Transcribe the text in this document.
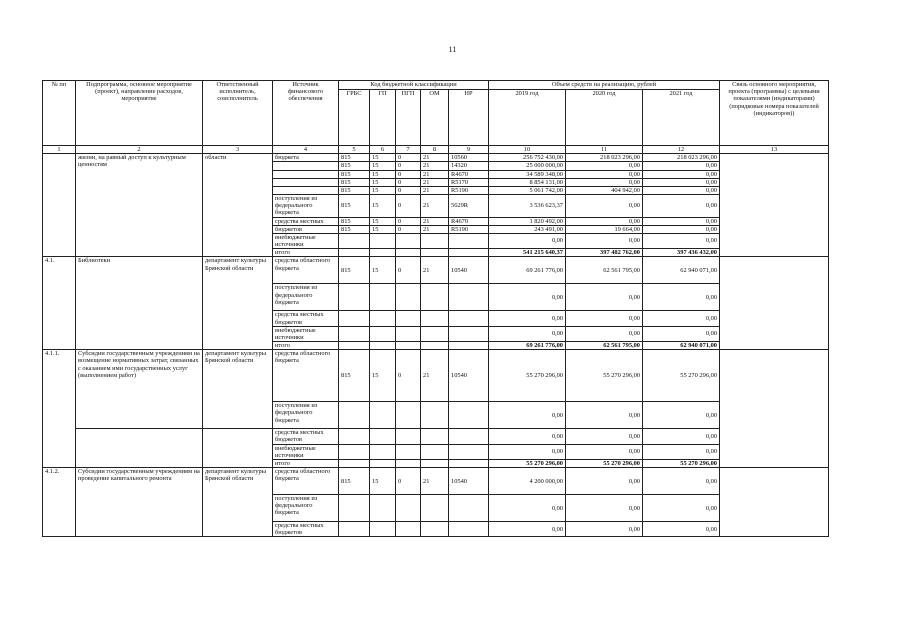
11
№ пп	Подпрограмма, основное мероприятие (проект), направление расходов, мероприятие	Ответственный исполнитель, соисполнитель	Источник финансового обеспечения	Код бюджетной классификации					Объем средств на реализацию, рублей			Связь основного мероприятия, проекта (программы) с целевыми показателями (индикаторами) (порядковые номера показателей (индикаторов))
				ГРБС	ГП	ПГП	ОМ	НР	2019 год	2020 год	2021 год	
1	2	3	4	5	6	7	8	9	10	11	12	13
	жизни, на равный доступ к культурным ценностям	области	бюджета	815	15	0	21	10560	256 752 430,00	218 023 296,00	218 023 296,00	
				815	15	0	21	14320	25 000 000,00	0,00	0,00	
				815	15	0	21	R4670	34 589 348,00	0,00	0,00	
				815	15	0	21	R5170	8 854 131,00	0,00	0,00	
				815	15	0	21	R5190	5 061 742,00	404 942,00	0,00	
			поступления из федерального бюджета	815	15	0	21	5629R	3 536 623,37	0,00	0,00	
			средства местных	815	15	0	21	R4670	1 820 492,00	0,00	0,00	
			бюджетов	815	15	0	21	R5190	243 491,00	19 664,00	0,00	
			внебюджетные источники						0,00	0,00	0,00	
			итого						541 215 640,37	397 482 762,00	397 436 432,00	

4.1.	Библиотеки	департамент культуры Брянской области	средства областного бюджета	815	15	0	21	10540	69 261 776,00	62 561 795,00	62 940 071,00	
			поступления из федерального бюджета						0,00	0,00	0,00	
			средства местных бюджетов						0,00	0,00	0,00	
			внебюджетные источники						0,00	0,00	0,00	
			итого						69 261 776,00	62 561 795,00	62 940 071,00	
4.1.1.	Субсидии государственным учреждениям на возмещение нормативных затрат, связанных с оказанием ими государственных услуг (выполнением работ)	департамент культуры Брянской области	средства областного бюджета	815	15	0	21	10540	55 270 296,00	55 270 296,00	55 270 296,00	
			поступления из федерального бюджета						0,00	0,00	0,00	
			средства местных бюджетов						0,00	0,00	0,00	
			внебюджетные источники						0,00	0,00	0,00	
			итого						55 270 296,00	55 270 296,00	55 270 296,00	
4.1.2.	Субсидии государственным учреждениям на проведение капитального ремонта	департамент культуры Брянской области	средства областного бюджета	815	15	0	21	10540	4 200 000,00	0,00	0,00	
			поступления из федерального бюджета						0,00	0,00	0,00	
			средства местных бюджетов						0,00	0,00	0,00	
